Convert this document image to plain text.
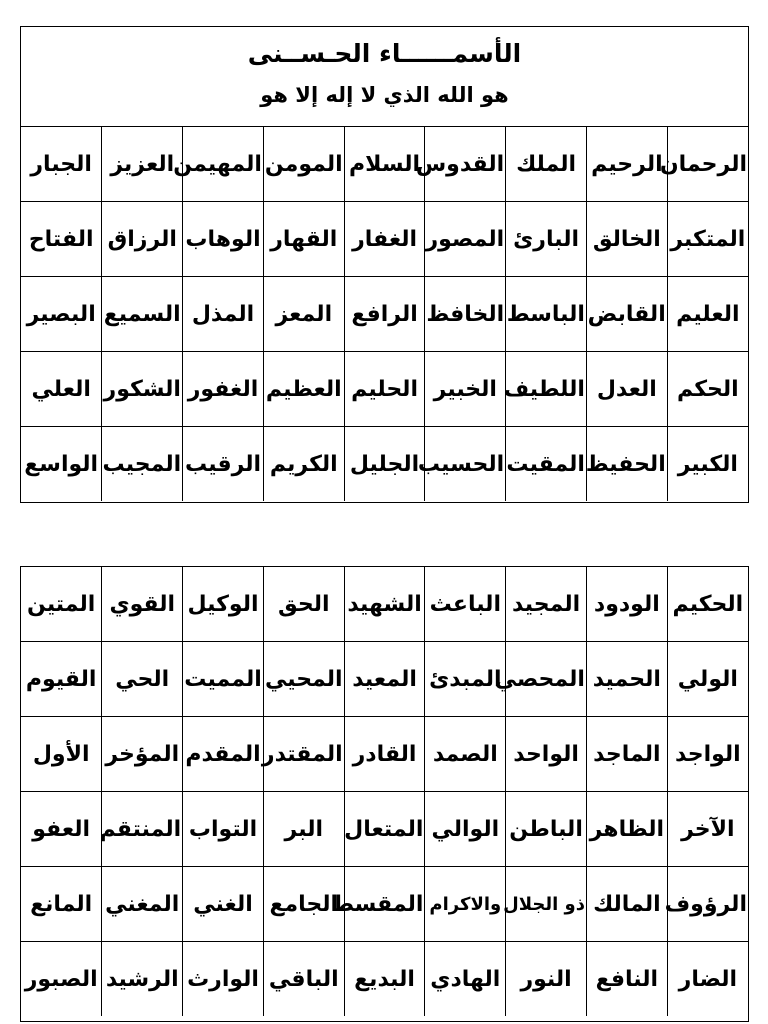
الأسمــــــاء الحـســنى
هو الله الذي لا إله إلا هو
الرحمان	الرحيم	الملك	القدوس	السلام	المومن	المهيمن	العزيز	الجبار
المتكبر	الخالق	البارئ	المصور	الغفار	القهار	الوهاب	الرزاق	الفتاح
العليم	القابض	الباسط	الخافظ	الرافع	المعز	المذل	السميع	البصير
الحكم	العدل	اللطيف	الخبير	الحليم	العظيم	الغفور	الشكور	العلي
الكبير	الحفيظ	المقيت	الحسيب	الجليل	الكريم	الرقيب	المجيب	الواسع
الحكيم	الودود	المجيد	الباعث	الشهيد	الحق	الوكيل	القوي	المتين
الولي	الحميد	المحصي	المبدئ	المعيد	المحيي	المميت	الحي	القيوم
الواجد	الماجد	الواحد	الصمد	القادر	المقتدر	المقدم	المؤخر	الأول
الآخر	الظاهر	الباطن	الوالي	المتعال	البر	التواب	المنتقم	العفو
الرؤوف	المالك	ذو الجلال	والاكرام	المقسط	الجامع	الغني	المغني	المانع
الضار	النافع	النور	الهادي	البديع	الباقي	الوارث	الرشيد	الصبور
